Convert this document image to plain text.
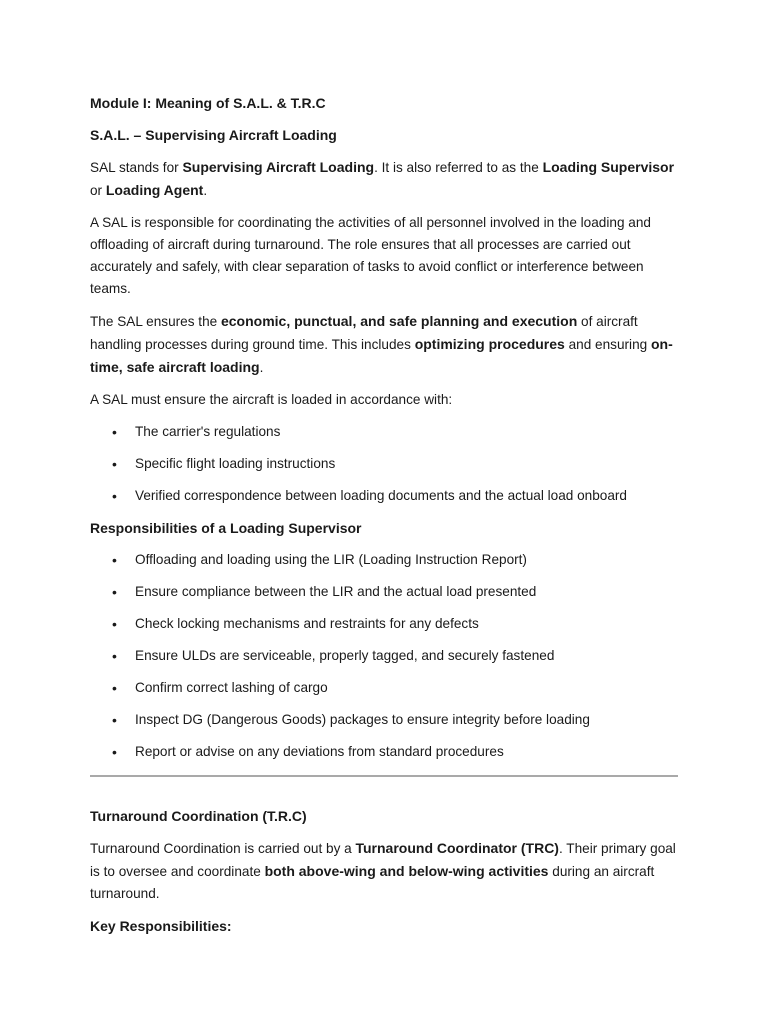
Module I: Meaning of S.A.L. & T.R.C
S.A.L. – Supervising Aircraft Loading

SAL stands for Supervising Aircraft Loading. It is also referred to as the Loading Supervisor or Loading Agent.

A SAL is responsible for coordinating the activities of all personnel involved in the loading and offloading of aircraft during turnaround. The role ensures that all processes are carried out accurately and safely, with clear separation of tasks to avoid conflict or interference between teams.

The SAL ensures the economic, punctual, and safe planning and execution of aircraft handling processes during ground time. This includes optimizing procedures and ensuring on-time, safe aircraft loading.

A SAL must ensure the aircraft is loaded in accordance with:

• The carrier's regulations
• Specific flight loading instructions
• Verified correspondence between loading documents and the actual load onboard
Responsibilities of a Loading Supervisor
• Offloading and loading using the LIR (Loading Instruction Report)
• Ensure compliance between the LIR and the actual load presented
• Check locking mechanisms and restraints for any defects
• Ensure ULDs are serviceable, properly tagged, and securely fastened
• Confirm correct lashing of cargo
• Inspect DG (Dangerous Goods) packages to ensure integrity before loading
• Report or advise on any deviations from standard procedures
Turnaround Coordination (T.R.C)

Turnaround Coordination is carried out by a Turnaround Coordinator (TRC). Their primary goal is to oversee and coordinate both above-wing and below-wing activities during an aircraft turnaround.

Key Responsibilities:
